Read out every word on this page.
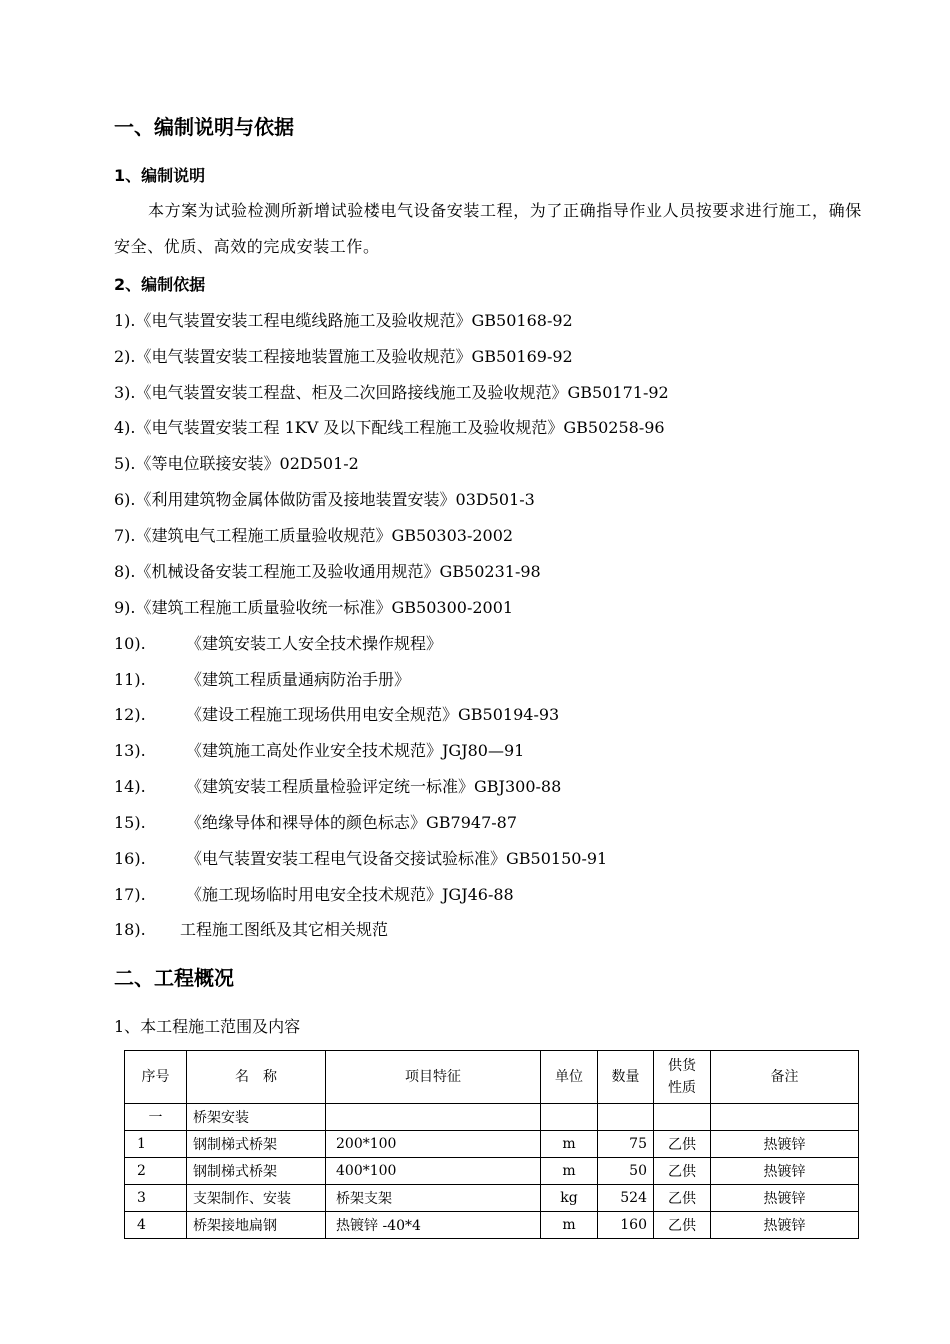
一、编制说明与依据
1、编制说明
本方案为试验检测所新增试验楼电气设备安装工程，为了正确指导作业人员按要求进行施工，确保安全、优质、高效的完成安装工作。
2、编制依据
1).《电气装置安装工程电缆线路施工及验收规范》GB50168-92
2).《电气装置安装工程接地装置施工及验收规范》GB50169-92
3).《电气装置安装工程盘、柜及二次回路接线施工及验收规范》GB50171-92
4).《电气装置安装工程 1KV 及以下配线工程施工及验收规范》GB50258-96
5).《等电位联接安装》02D501-2
6).《利用建筑物金属体做防雷及接地装置安装》03D501-3
7).《建筑电气工程施工质量验收规范》GB50303-2002
8).《机械设备安装工程施工及验收通用规范》GB50231-98
9).《建筑工程施工质量验收统一标准》GB50300-2001
10).	《建筑安装工人安全技术操作规程》
11).	《建筑工程质量通病防治手册》
12).	《建设工程施工现场供用电安全规范》GB50194-93
13).	《建筑施工高处作业安全技术规范》JGJ80—91
14).	《建筑安装工程质量检验评定统一标准》GBJ300-88
15).	《绝缘导体和裸导体的颜色标志》GB7947-87
16).	《电气装置安装工程电气设备交接试验标准》GB50150-91
17).	《施工现场临时用电安全技术规范》JGJ46-88
18). 工程施工图纸及其它相关规范
二、工程概况
1、本工程施工范围及内容
序号	名　称	项目特征	单位	数量	供货性质	备注
一	桥架安装					
1	钢制梯式桥架	200*100	m	75	乙供	热镀锌
2	钢制梯式桥架	400*100	m	50	乙供	热镀锌
3	支架制作、安装	桥架支架	kg	524	乙供	热镀锌
4	桥架接地扁钢	热镀锌 -40*4	m	160	乙供	热镀锌
